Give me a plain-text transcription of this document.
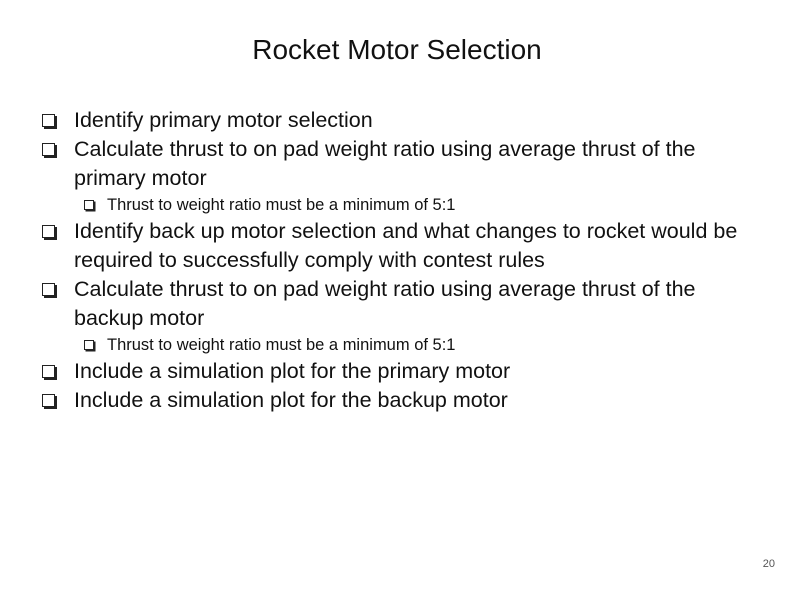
Rocket Motor Selection
Identify primary motor selection
Calculate thrust to on pad weight ratio using average thrust of the primary motor
Thrust to weight ratio must be a minimum of 5:1
Identify back up motor selection and what changes to rocket would be required to successfully comply with contest rules
Calculate thrust to on pad weight ratio using average thrust of the backup motor
Thrust to weight ratio must be a minimum of 5:1
Include a simulation plot for the primary motor
Include a simulation plot for the backup motor
20
